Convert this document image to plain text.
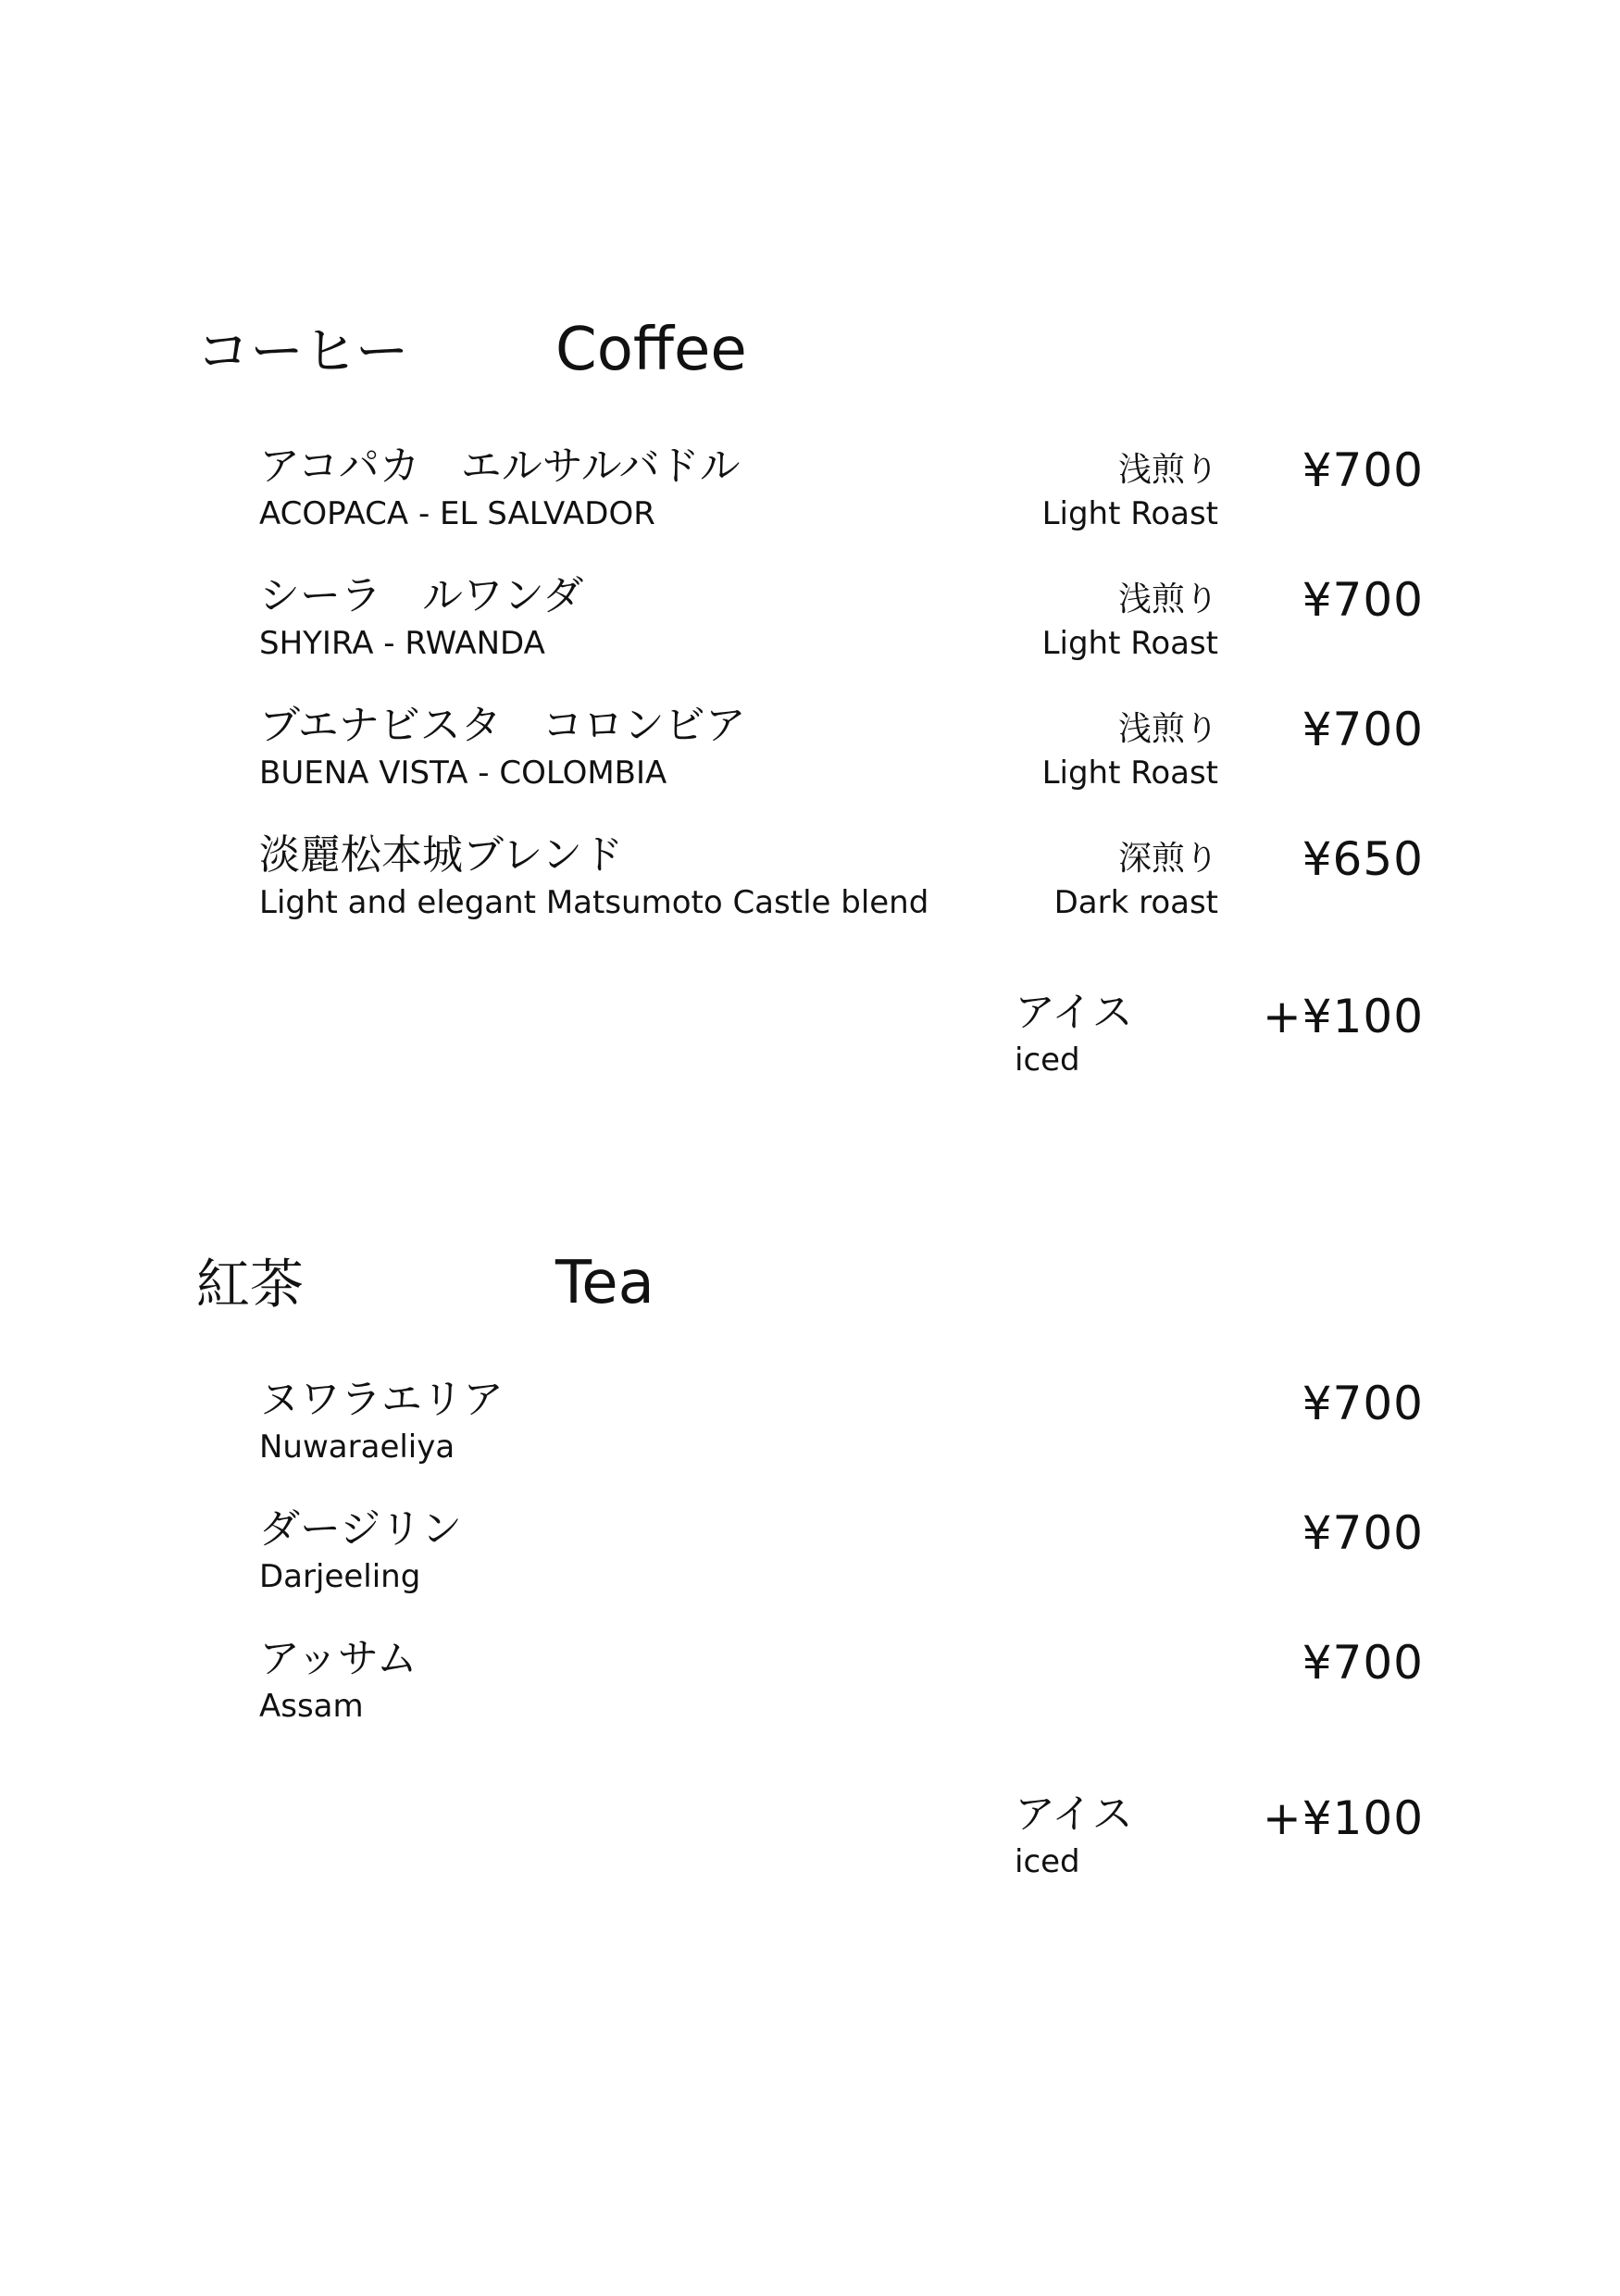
コーヒー Coffee
アコパカ　エルサルバドル
ACOPACA - EL SALVADOR
浅煎り
Light Roast
¥700
シーラ　ルワンダ
SHYIRA - RWANDA
浅煎り
Light Roast
¥700
ブエナビスタ　コロンビア
BUENA VISTA - COLOMBIA
浅煎り
Light Roast
¥700
淡麗松本城ブレンド
Light and elegant Matsumoto Castle blend
深煎り
Dark roast
¥650
アイス
iced
+¥100
紅茶	Tea
ヌワラエリア
Nuwaraeliya
¥700
ダージリン
Darjeeling
¥700
アッサム
Assam
¥700
アイス
iced
+¥100
